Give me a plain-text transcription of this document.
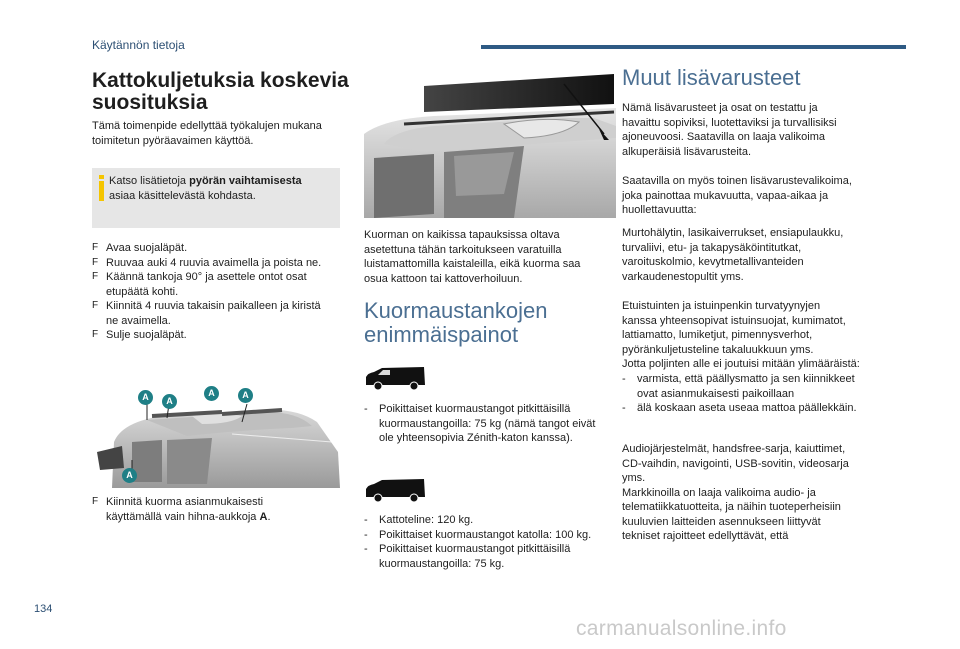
Käytännön tietoja
Kattokuljetuksia koskevia
suosituksia
Tämä toimenpide edellyttää työkalujen mukana
toimitetun pyöräavaimen käyttöä.
Katso lisätietoja pyörän vaihtamisesta
asiaa käsittelevästä kohdasta.
F Avaa suojaläpät.
F Ruuvaa auki 4 ruuvia avaimella ja poista ne.
F Käännä tankoja 90° ja asettele ontot osat
etupäätä kohti.
F Kiinnitä 4 ruuvia takaisin paikalleen ja kiristä
ne avaimella.
F Sulje suojaläpät.
A	A
A	A
A
F Kiinnitä kuorma asianmukaisesti
käyttämällä vain hihna-aukkoja A.
Kuorman on kaikissa tapauksissa oltava
asetettuna tähän tarkoitukseen varatuilla
luistamattomilla kaistaleilla, eikä kuorma saa
osua kattoon tai kattoverhoiluun.
Kuormaustankojen
enimmäispainot
- Poikittaiset kuormaustangot pitkittäisillä
kuormaustangoilla: 75 kg (nämä tangot eivät
ole yhteensopivia Zénith-katon kanssa).
- Kattoteline: 120 kg.
- Poikittaiset kuormaustangot katolla: 100 kg.
- Poikittaiset kuormaustangot pitkittäisillä
kuormaustangoilla: 75 kg.
Muut lisävarusteet
Nämä lisävarusteet ja osat on testattu ja
havaittu sopiviksi, luotettaviksi ja turvallisiksi
ajoneuvoosi. Saatavilla on laaja valikoima
alkuperäisiä lisävarusteita.
Saatavilla on myös toinen lisävarustevalikoima,
joka painottaa mukavuutta, vapaa-aikaa ja
huollettavuutta:
Murtohälytin, lasikaiverrukset, ensiapulaukku,
turvaliivi, etu- ja takapysäköintitutkat,
varoituskolmio, kevytmetallivanteiden
varkaudenestopultit yms.
Etuistuinten ja istuinpenkin turvatyynyjen
kanssa yhteensopivat istuinsuojat, kumimatot,
lattiamatto, lumiketjut, pimennysverhot,
pyöränkuljetusteline takaluukkuun yms.
Jotta poljinten alle ei joutuisi mitään ylimääräistä:
- varmista, että päällysmatto ja sen kiinnikkeet
ovat asianmukaisesti paikoillaan
- älä koskaan aseta useaa mattoa päällekkäin.
Audiojärjestelmät, handsfree-sarja, kaiuttimet,
CD-vaihdin, navigointi, USB-sovitin, videosarja
yms.
Markkinoilla on laaja valikoima audio- ja
telematiikkatuotteita, ja näihin tuoteperheisiin
kuuluvien laitteiden asennukseen liittyvät
tekniset rajoitteet edellyttävät, että
134
carmanualsonline.info
